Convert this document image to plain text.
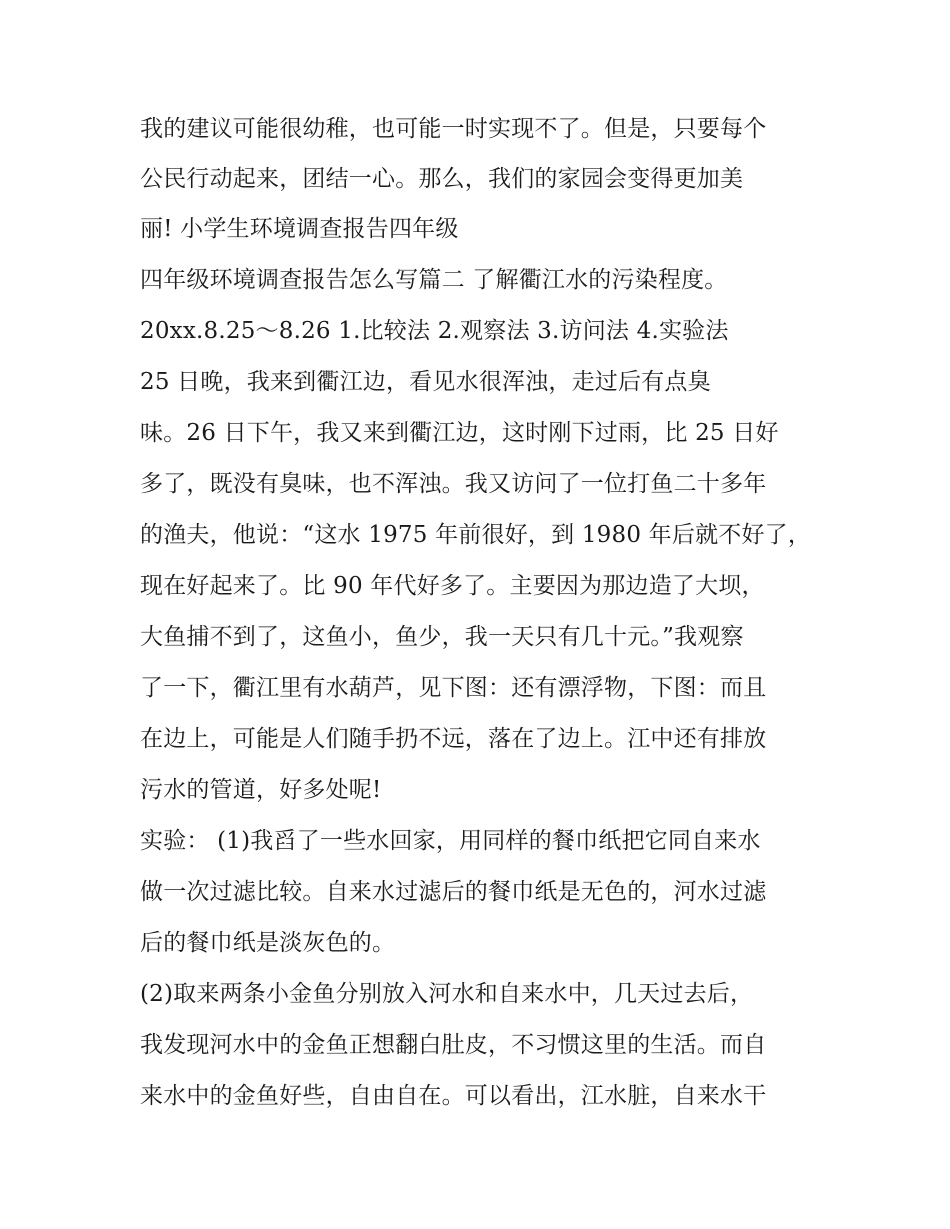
我的建议可能很幼稚，也可能一时实现不了。但是，只要每个
公民行动起来，团结一心。那么，我们的家园会变得更加美
丽! 小学生环境调查报告四年级
四年级环境调查报告怎么写篇二 了解衢江水的污染程度。
20xx.8.25～8.26 1.比较法 2.观察法 3.访问法 4.实验法
25 日晚，我来到衢江边，看见水很浑浊，走过后有点臭
味。26 日下午，我又来到衢江边，这时刚下过雨，比 25 日好
多了，既没有臭味，也不浑浊。我又访问了一位打鱼二十多年
的渔夫，他说：“这水 1975 年前很好，到 1980 年后就不好了，
现在好起来了。比 90 年代好多了。主要因为那边造了大坝，
大鱼捕不到了，这鱼小，鱼少，我一天只有几十元。”我观察
了一下，衢江里有水葫芦，见下图：还有漂浮物，下图：而且
在边上，可能是人们随手扔不远，落在了边上。江中还有排放
污水的管道，好多处呢!
实验： (1)我舀了一些水回家，用同样的餐巾纸把它同自来水
做一次过滤比较。自来水过滤后的餐巾纸是无色的，河水过滤
后的餐巾纸是淡灰色的。
(2)取来两条小金鱼分别放入河水和自来水中，几天过去后，
我发现河水中的金鱼正想翻白肚皮，不习惯这里的生活。而自
来水中的金鱼好些，自由自在。可以看出，江水脏，自来水干
